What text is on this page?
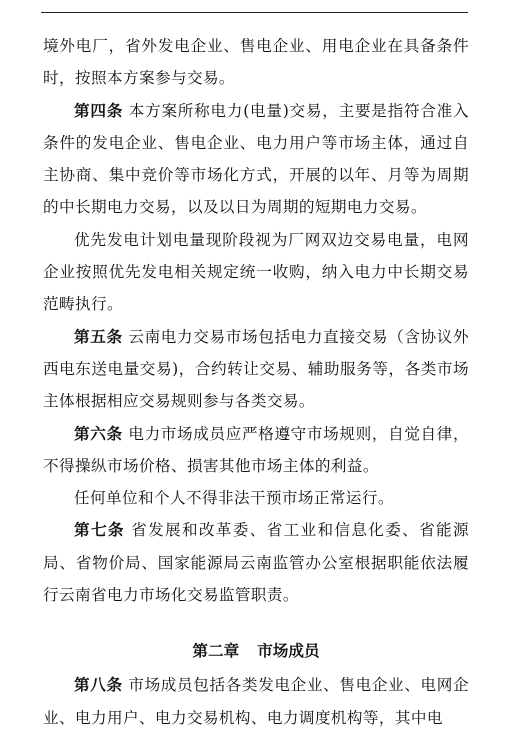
境外电厂，省外发电企业、售电企业、用电企业在具备条件时，按照本方案参与交易。

第四条 本方案所称电力(电量)交易，主要是指符合准入条件的发电企业、售电企业、电力用户等市场主体，通过自主协商、集中竞价等市场化方式，开展的以年、月等为周期的中长期电力交易，以及以日为周期的短期电力交易。

优先发电计划电量现阶段视为厂网双边交易电量，电网企业按照优先发电相关规定统一收购，纳入电力中长期交易范畴执行。

第五条 云南电力交易市场包括电力直接交易（含协议外西电东送电量交易)，合约转让交易、辅助服务等，各类市场主体根据相应交易规则参与各类交易。

第六条 电力市场成员应严格遵守市场规则，自觉自律，不得操纵市场价格、损害其他市场主体的利益。

任何单位和个人不得非法干预市场正常运行。

第七条 省发展和改革委、省工业和信息化委、省能源局、省物价局、国家能源局云南监管办公室根据职能依法履行云南省电力市场化交易监管职责。

第二章 市场成员

第八条 市场成员包括各类发电企业、售电企业、电网企业、电力用户、电力交易机构、电力调度机构等，其中电
